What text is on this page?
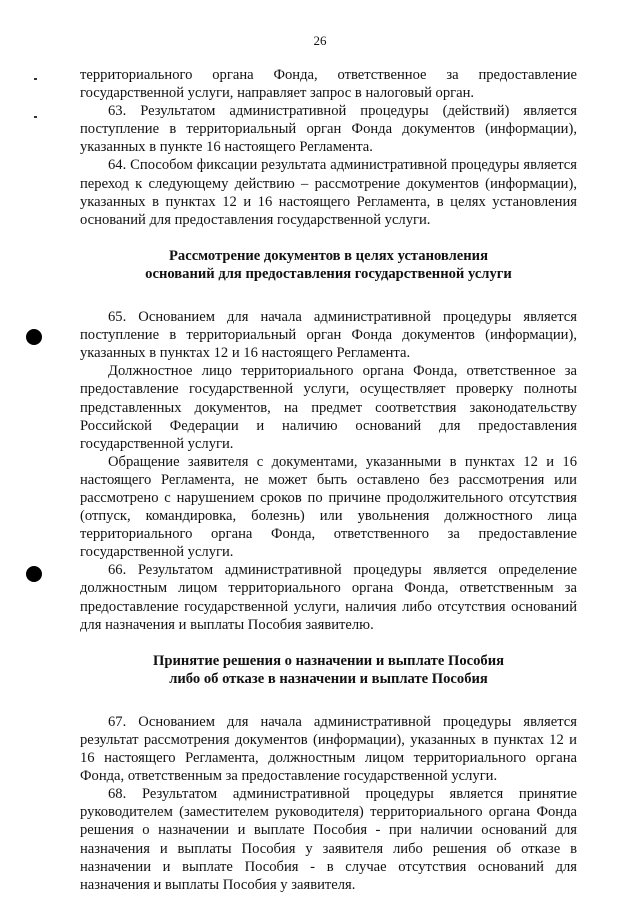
26

территориального органа Фонда, ответственное за предоставление государственной услуги, направляет запрос в налоговый орган.

63. Результатом административной процедуры (действий) является поступление в территориальный орган Фонда документов (информации), указанных в пункте 16 настоящего Регламента.

64. Способом фиксации результата административной процедуры является переход к следующему действию – рассмотрение документов (информации), указанных в пунктах 12 и 16 настоящего Регламента, в целях установления оснований для предоставления государственной услуги.

Рассмотрение документов в целях установления
оснований для предоставления государственной услуги

65. Основанием для начала административной процедуры является поступление в территориальный орган Фонда документов (информации), указанных в пунктах 12 и 16 настоящего Регламента.

Должностное лицо территориального органа Фонда, ответственное за предоставление государственной услуги, осуществляет проверку полноты представленных документов, на предмет соответствия законодательству Российской Федерации и наличию оснований для предоставления государственной услуги.

Обращение заявителя с документами, указанными в пунктах 12 и 16 настоящего Регламента, не может быть оставлено без рассмотрения или рассмотрено с нарушением сроков по причине продолжительного отсутствия (отпуск, командировка, болезнь) или увольнения должностного лица территориального органа Фонда, ответственного за предоставление государственной услуги.

66. Результатом административной процедуры является определение должностным лицом территориального органа Фонда, ответственным за предоставление государственной услуги, наличия либо отсутствия оснований для назначения и выплаты Пособия заявителю.

Принятие решения о назначении и выплате Пособия
либо об отказе в назначении и выплате Пособия

67. Основанием для начала административной процедуры является результат рассмотрения документов (информации), указанных в пунктах 12 и 16 настоящего Регламента, должностным лицом территориального органа Фонда, ответственным за предоставление государственной услуги.

68. Результатом административной процедуры является принятие руководителем (заместителем руководителя) территориального органа Фонда решения о назначении и выплате Пособия - при наличии оснований для назначения и выплаты Пособия у заявителя либо решения об отказе в назначении и выплате Пособия - в случае отсутствия оснований для назначения и выплаты Пособия у заявителя.
